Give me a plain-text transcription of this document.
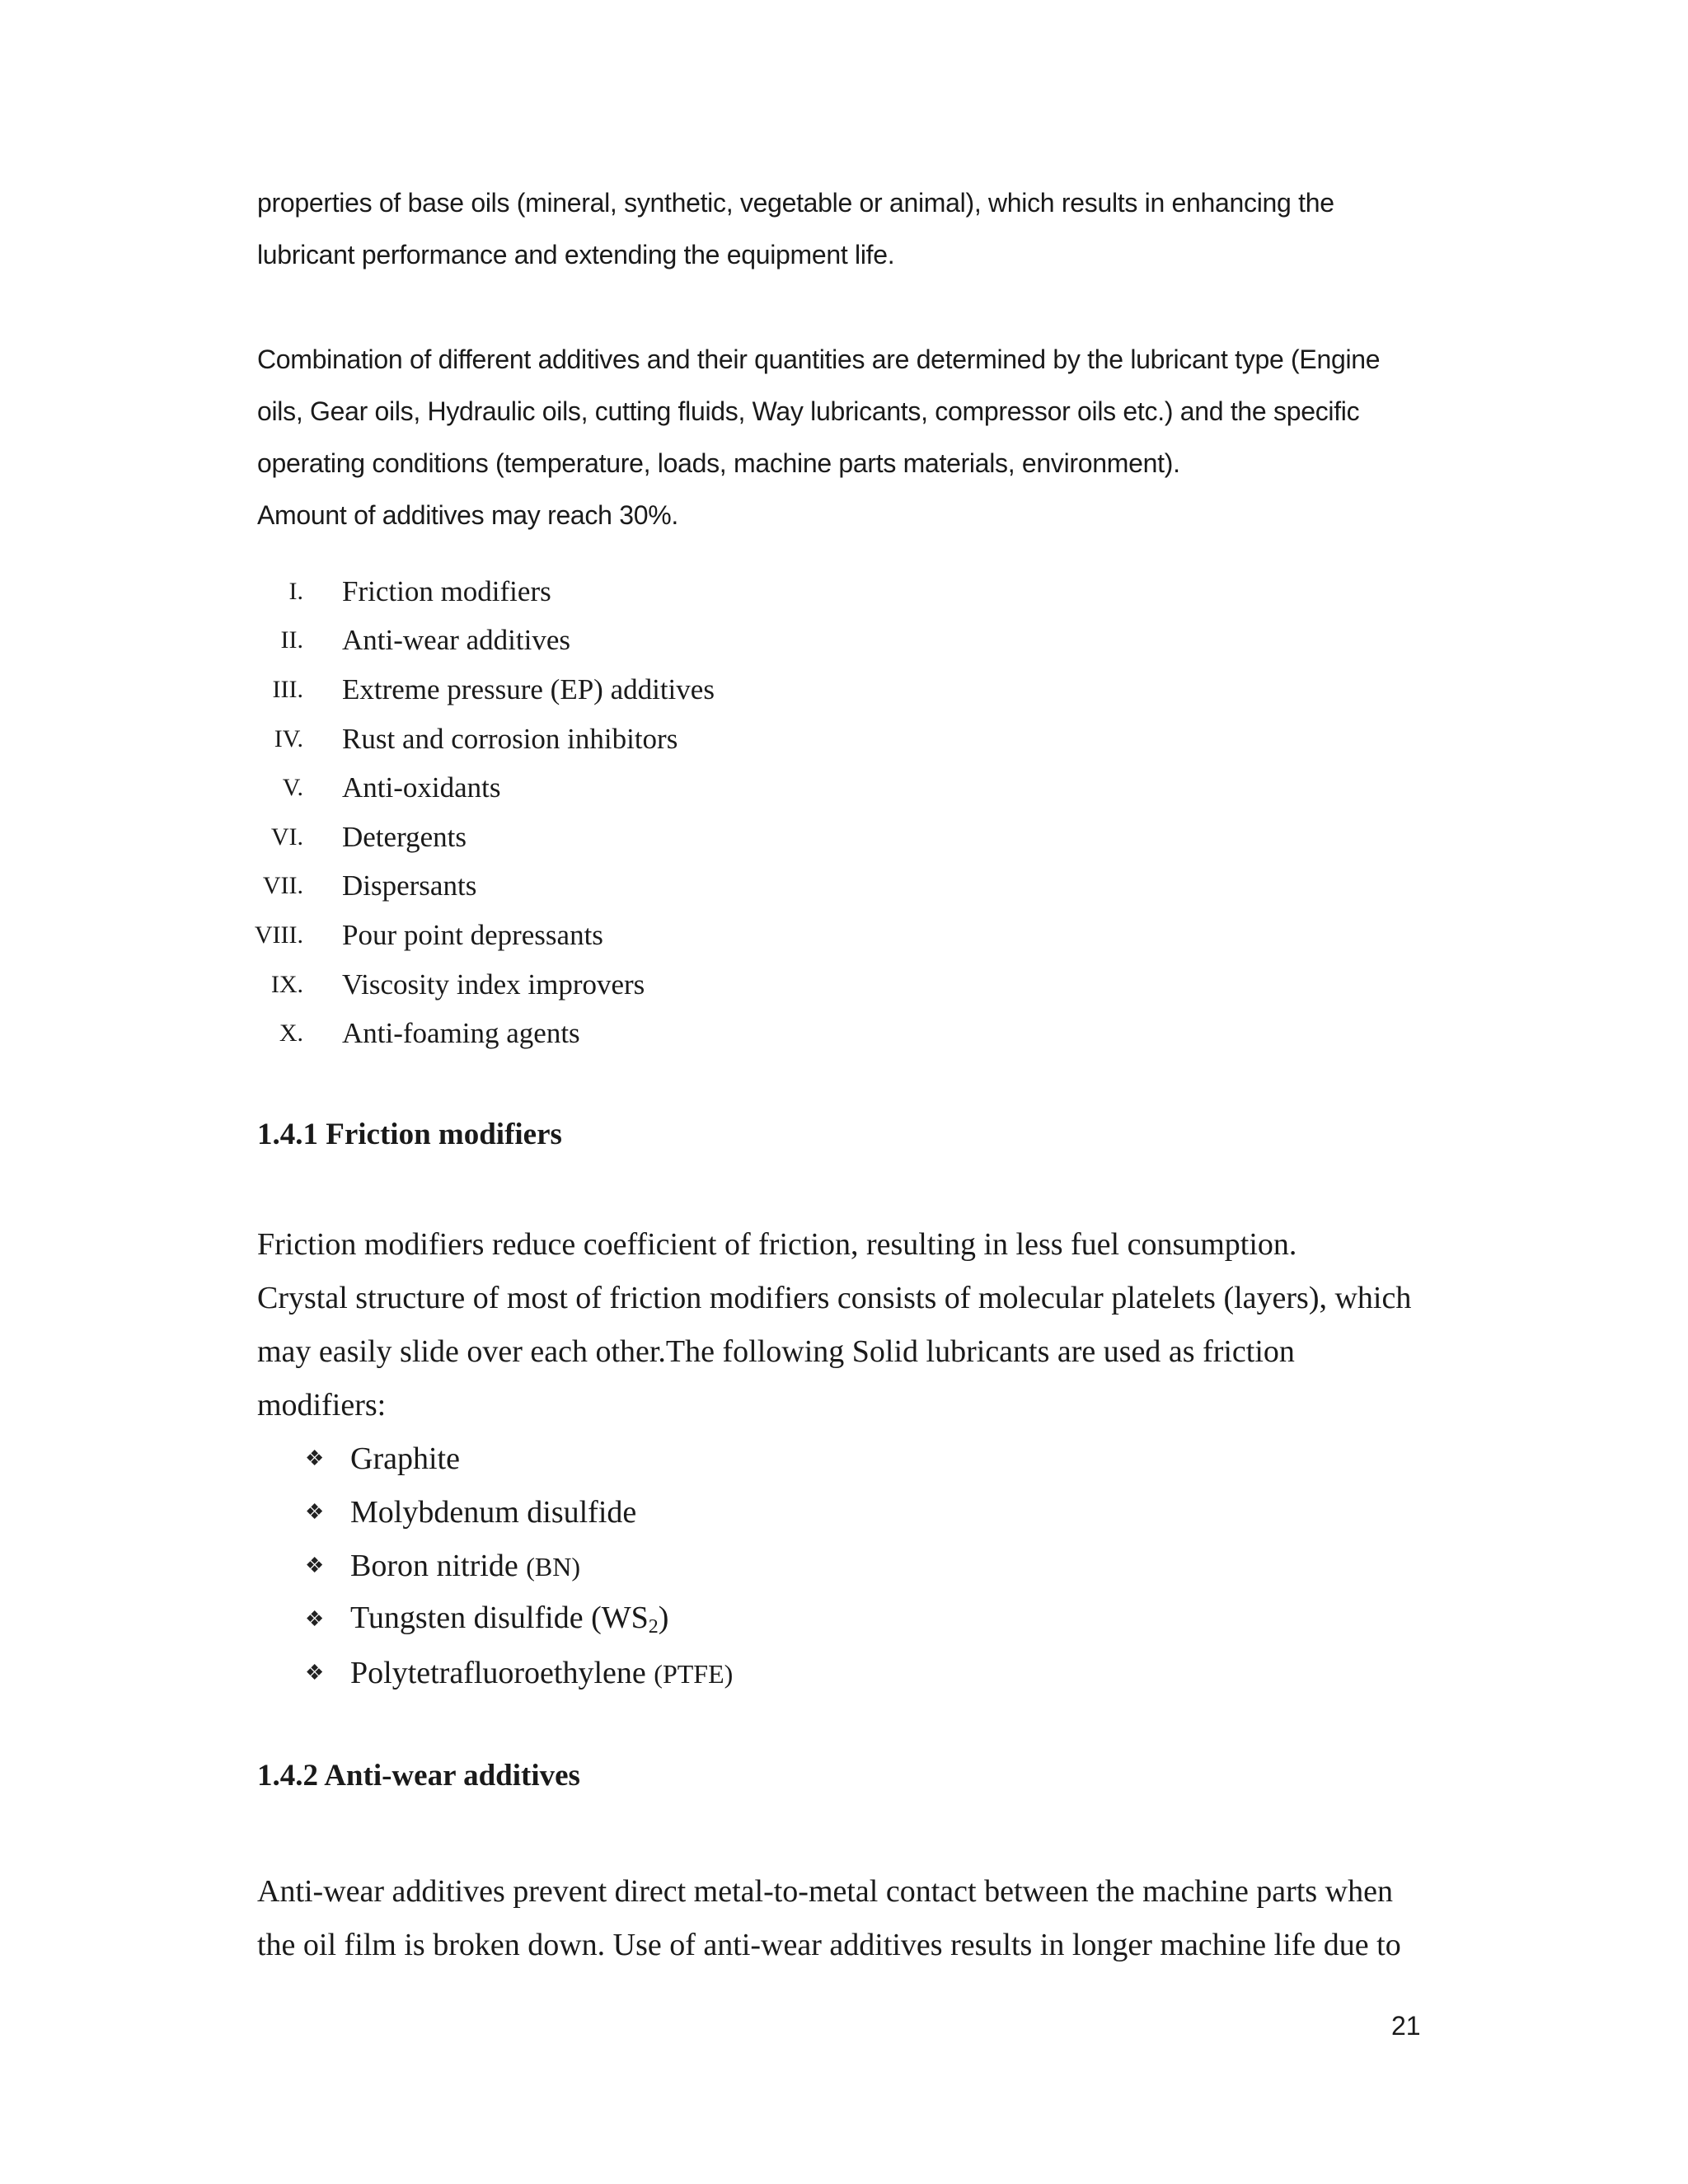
properties of base oils (mineral, synthetic, vegetable or animal), which results in enhancing the
lubricant performance and extending the equipment life.

Combination of different additives and their quantities are determined by the lubricant type (Engine
oils, Gear oils, Hydraulic oils, cutting fluids, Way lubricants, compressor oils etc.) and the specific
operating conditions (temperature, loads, machine parts materials, environment).
Amount of additives may reach 30%.

I. Friction modifiers
II. Anti-wear additives
III. Extreme pressure (EP) additives
IV. Rust and corrosion inhibitors
V. Anti-oxidants
VI. Detergents
VII. Dispersants
VIII. Pour point depressants
IX. Viscosity index improvers
X. Anti-foaming agents
1.4.1 Friction modifiers

Friction modifiers reduce coefficient of friction, resulting in less fuel consumption.
Crystal structure of most of friction modifiers consists of molecular platelets (layers), which
may easily slide over each other.The following Solid lubricants are used as friction
modifiers:

❖ Graphite
❖ Molybdenum disulfide
❖ Boron nitride (BN)
❖ Tungsten disulfide $(WS_2)$
❖ Polytetrafluoroethylene (PTFE)
1.4.2 Anti-wear additives

Anti-wear additives prevent direct metal-to-metal contact between the machine parts when
the oil film is broken down. Use of anti-wear additives results in longer machine life due to

21
